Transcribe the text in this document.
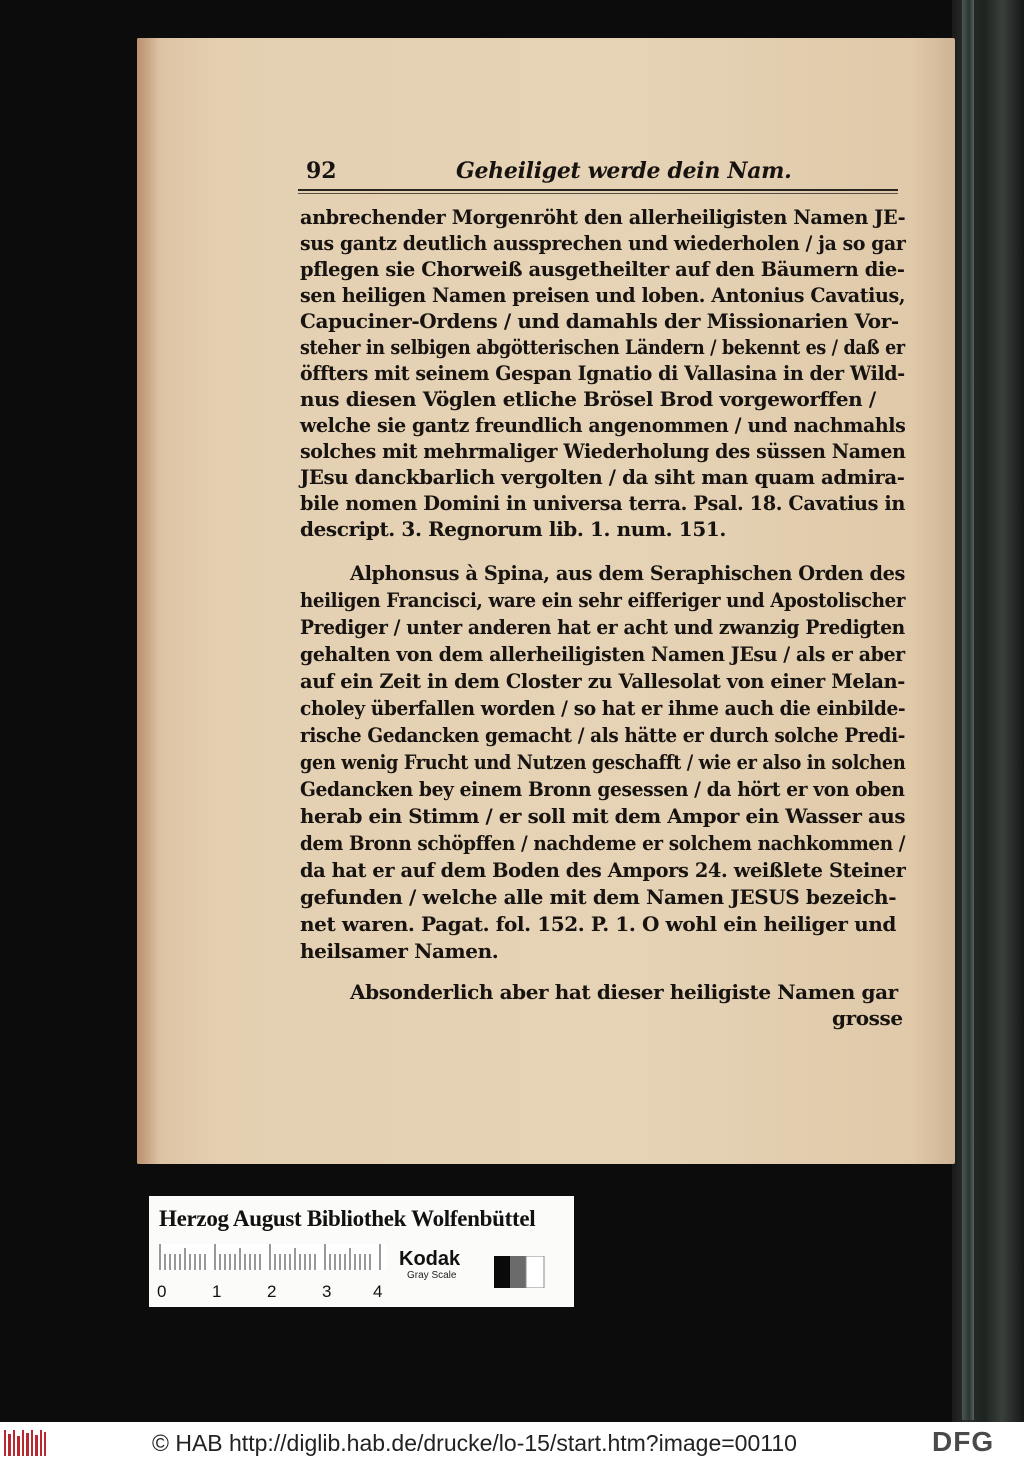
92	Geheiliget werde dein Nam.
anbrechender Morgenröht den allerheiligisten Namen JE-
sus gantz deutlich aussprechen und wiederholen / ja so gar
pflegen sie Chorweiß ausgetheilter auf den Bäumern die-
sen heiligen Namen preisen und loben. Antonius Cavatius,
Capuciner-Ordens / und damahls der Missionarien Vor-
steher in selbigen abgötterischen Ländern / bekennt es / daß er
öffters mit seinem Gespan Ignatio di Vallasina in der Wild-
nus diesen Vöglen etliche Brösel Brod vorgeworffen /
welche sie gantz freundlich angenommen / und nachmahls
solches mit mehrmaliger Wiederholung des süssen Namen
JEsu danckbarlich vergolten / da siht man quam admira-
bile nomen Domini in universa terra. Psal. 18. Cavatius in
descript. 3. Regnorum lib. 1. num. 151.
Alphonsus à Spina, aus dem Seraphischen Orden des
heiligen Francisci, ware ein sehr eifferiger und Apostolischer
Prediger / unter anderen hat er acht und zwanzig Predigten
gehalten von dem allerheiligisten Namen JEsu / als er aber
auf ein Zeit in dem Closter zu Vallesolat von einer Melan-
choley überfallen worden / so hat er ihme auch die einbilde-
rische Gedancken gemacht / als hätte er durch solche Predi-
gen wenig Frucht und Nutzen geschafft / wie er also in solchen
Gedancken bey einem Bronn gesessen / da hört er von oben
herab ein Stimm / er soll mit dem Ampor ein Wasser aus
dem Bronn schöpffen / nachdeme er solchem nachkommen /
da hat er auf dem Boden des Ampors 24. weißlete Steiner
gefunden / welche alle mit dem Namen JESUS bezeich-
net waren. Pagat. fol. 152. P. 1. O wohl ein heiliger und
heilsamer Namen.
Absonderlich aber hat dieser heiligiste Namen gar
grosse
Herzog August Bibliothek Wolfenbüttel
0	1	2	3 4
Kodak
Gray Scale
© HAB http://diglib.hab.de/drucke/lo-15/start.htm?image=00110	DFG
